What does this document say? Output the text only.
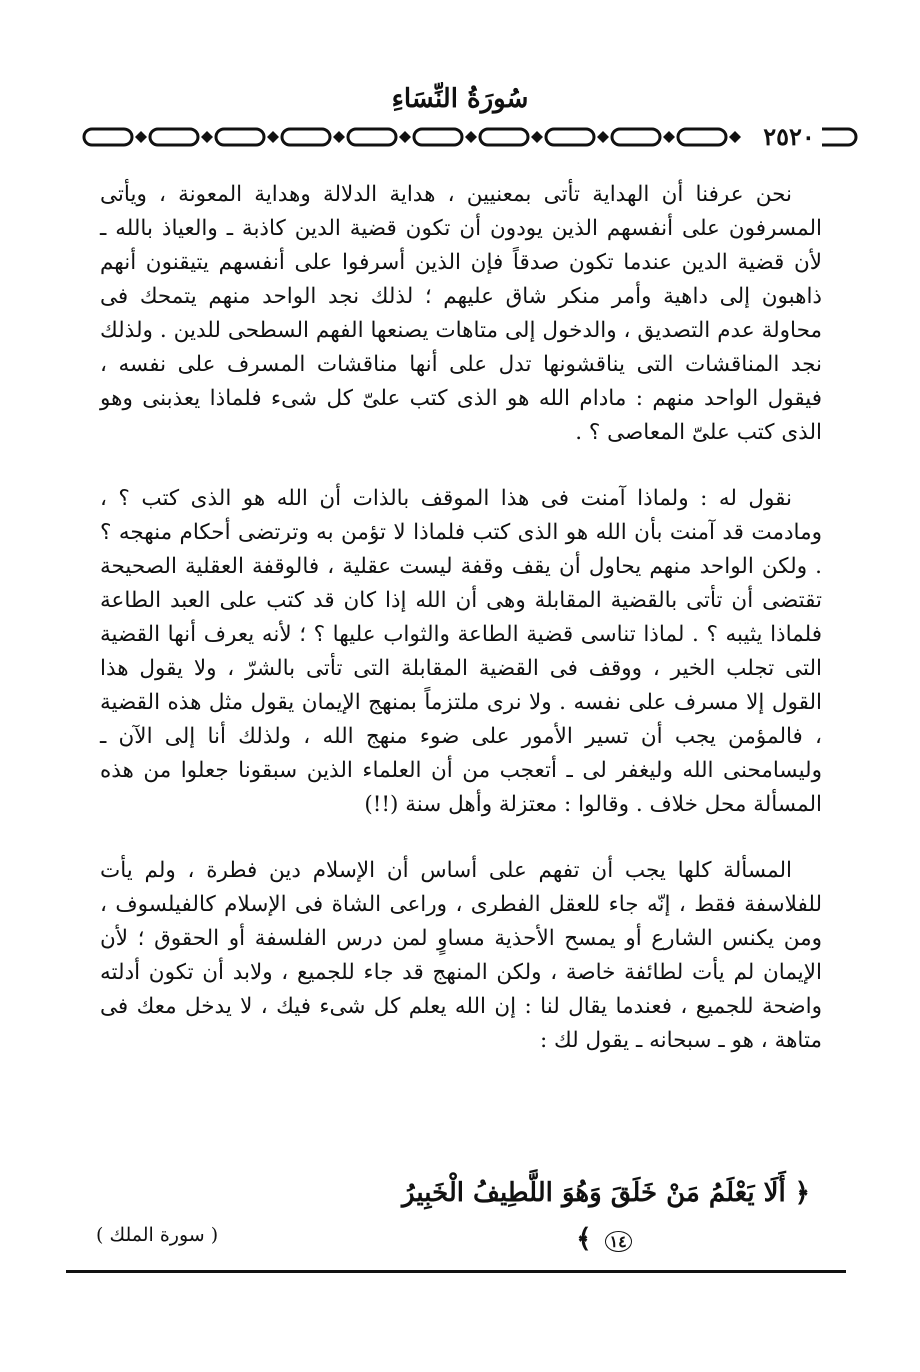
سُورَةُ النِّسَاءِ
٢٥٢٠

نحن عرفنا أن الهداية تأتى بمعنيين ، هداية الدلالة وهداية المعونة ، ويأتى المسرفون على أنفسهم الذين يودون أن تكون قضية الدين كاذبة ـ والعياذ بالله ـ لأن قضية الدين عندما تكون صدقاً فإن الذين أسرفوا على أنفسهم يتيقنون أنهم ذاهبون إلى داهية وأمر منكر شاق عليهم ؛ لذلك نجد الواحد منهم يتمحك فى محاولة عدم التصديق ، والدخول إلى متاهات يصنعها الفهم السطحى للدين . ولذلك نجد المناقشات التى يناقشونها تدل على أنها مناقشات المسرف على نفسه ، فيقول الواحد منهم : مادام الله هو الذى كتب علىّ كل شىء فلماذا يعذبنى وهو الذى كتب علىّ المعاصى ؟ .

نقول له : ولماذا آمنت فى هذا الموقف بالذات أن الله هو الذى كتب ؟ ، ومادمت قد آمنت بأن الله هو الذى كتب فلماذا لا تؤمن به وترتضى أحكام منهجه ؟ . ولكن الواحد منهم يحاول أن يقف وقفة ليست عقلية ، فالوقفة العقلية الصحيحة تقتضى أن تأتى بالقضية المقابلة وهى أن الله إذا كان قد كتب على العبد الطاعة فلماذا يثيبه ؟ . لماذا تناسى قضية الطاعة والثواب عليها ؟ ؛ لأنه يعرف أنها القضية التى تجلب الخير ، ووقف فى القضية المقابلة التى تأتى بالشرّ ، ولا يقول هذا القول إلا مسرف على نفسه . ولا نرى ملتزماً بمنهج الإيمان يقول مثل هذه القضية ، فالمؤمن يجب أن تسير الأمور على ضوء منهج الله ، ولذلك أنا إلى الآن ـ وليسامحنى الله وليغفر لى ـ أتعجب من أن العلماء الذين سبقونا جعلوا من هذه المسألة محل خلاف . وقالوا : معتزلة وأهل سنة (!!)

المسألة كلها يجب أن تفهم على أساس أن الإسلام دين فطرة ، ولم يأت للفلاسفة فقط ، إنّه جاء للعقل الفطرى ، وراعى الشاة فى الإسلام كالفيلسوف ، ومن يكنس الشارع أو يمسح الأحذية مساوٍ لمن درس الفلسفة أو الحقوق ؛ لأن الإيمان لم يأت لطائفة خاصة ، ولكن المنهج قد جاء للجميع ، ولابد أن تكون أدلته واضحة للجميع ، فعندما يقال لنا : إن الله يعلم كل شىء فيك ، لا يدخل معك فى متاهة ، هو ـ سبحانه ـ يقول لك :

﴿ أَلَا يَعْلَمُ مَنْ خَلَقَ وَهُوَ اللَّطِيفُ الْخَبِيرُ ١٤ ﴾
( سورة الملك )
